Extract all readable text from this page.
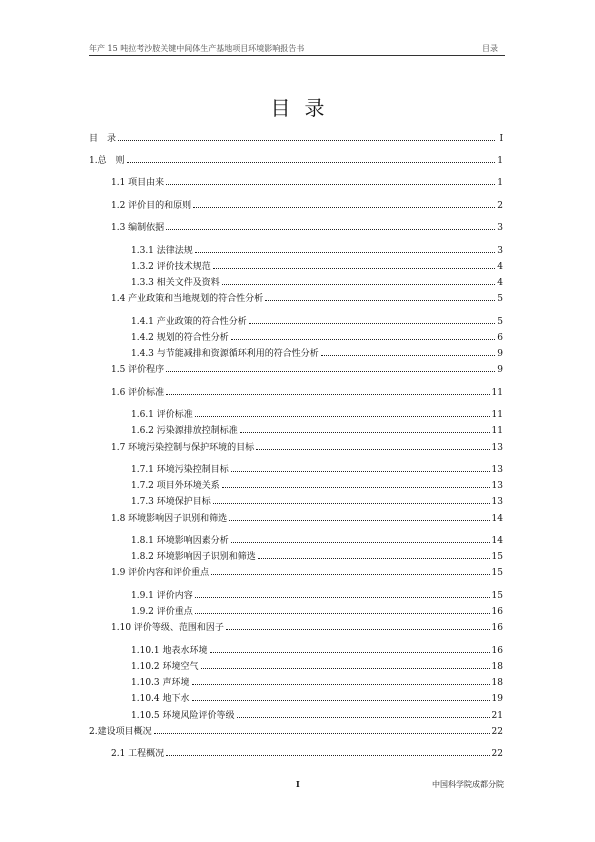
年产 15 吨拉考沙胺关键中间体生产基地项目环境影响报告书	目录
目录
目　录	I
1.总　则	1
1.1 项目由来	1
1.2 评价目的和原则	2
1.3 编制依据	3
1.3.1 法律法规	3
1.3.2 评价技术规范	4
1.3.3 相关文件及资料	4
1.4 产业政策和当地规划的符合性分析	5
1.4.1 产业政策的符合性分析	5
1.4.2 规划的符合性分析	6
1.4.3 与节能减排和资源循环利用的符合性分析	9
1.5 评价程序	9
1.6 评价标准	11
1.6.1 评价标准	11
1.6.2 污染源排放控制标准	11
1.7 环境污染控制与保护环境的目标	13
1.7.1 环境污染控制目标	13
1.7.2 项目外环境关系	13
1.7.3 环境保护目标	13
1.8 环境影响因子识别和筛选	14
1.8.1 环境影响因素分析	14
1.8.2 环境影响因子识别和筛选	15
1.9 评价内容和评价重点	15
1.9.1 评价内容	15
1.9.2 评价重点	16
1.10 评价等级、范围和因子	16
1.10.1 地表水环境	16
1.10.2 环境空气	18
1.10.3 声环境	18
1.10.4 地下水	19
1.10.5 环境风险评价等级	21
2.建设项目概况	22
2.1 工程概况	22
I	中国科学院成都分院
